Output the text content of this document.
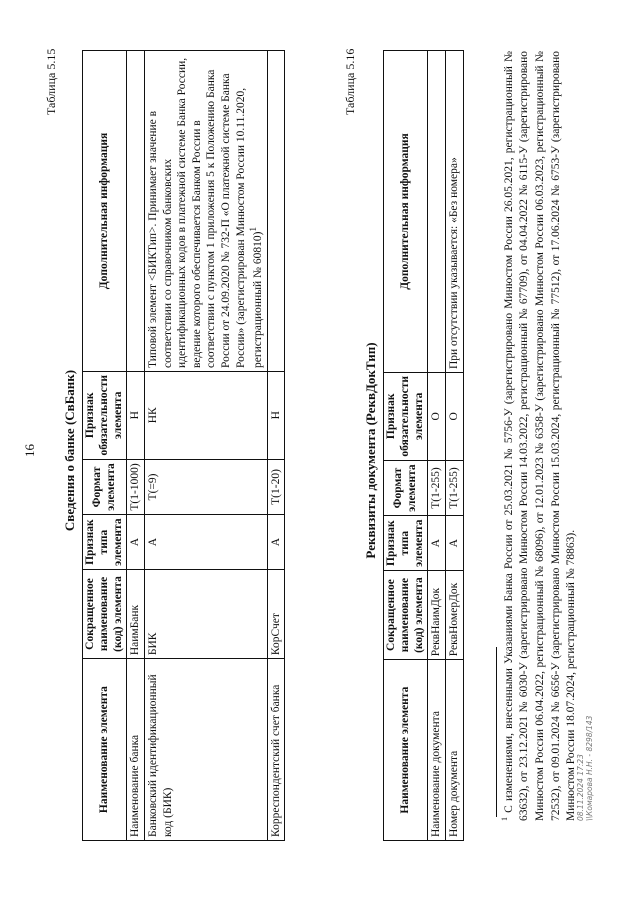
16
Таблица 5.15
Сведения о банке (СвБанк)
Наименование элемента	Сокращенное наименование (код) элемента	Признак типа элемента	Формат элемента	Признак обязательности элемента	Дополнительная информация
Наименование банка	НаимБанк	А	T(1-1000)	Н	
Банковский идентификационный код (БИК)	БИК	А	T(=9)	НК	Типовой элемент <БИКТип>. Принимает значение в соответствии со справочником банковских идентификационных кодов в платежной системе Банка России, ведение которого обеспечивается Банком России в соответствии с пунктом 1 приложения 5 к Положению Банка России от 24.09.2020 № 732-П «О платежной системе Банка России» (зарегистрирован Минюстом России 10.11.2020, регистрационный № 60810)$^1$
Корреспондентский счет банка	КорСчет	А	T(1-20)	Н	
Таблица 5.16
Реквизиты документа (РеквДокТип)
Наименование элемента	Сокращенное наименование (код) элемента	Признак типа элемента	Формат элемента	Признак обязательности элемента	Дополнительная информация
Наименование документа	РеквНаимДок	А	T(1-255)	О	
Номер документа	РеквНомерДок	А	T(1-255)	О	При отсутствии указывается: «Без номера»
$^1$ С изменениями, внесенными Указаниями Банка России от 25.03.2021 № 5756-У (зарегистрировано Минюстом России 26.05.2021, регистрационный № 63632), от 23.12.2021 № 6030-У (зарегистрировано Минюстом России 14.03.2022, регистрационный № 67709), от 04.04.2022 № 6115-У (зарегистрировано Минюстом России 06.04.2022, регистрационный № 68096), от 12.01.2023 № 6358-У (зарегистрировано Минюстом России 06.03.2023, регистрационный № 72532), от 09.01.2024 № 6656-У (зарегистрировано Минюстом России 15.03.2024, регистрационный № 77512), от 17.06.2024 № 6753-У (зарегистрировано Минюстом России 18.07.2024, регистрационный № 78863).
08.11.2024 17:23 \\Комарова Н.Н. - 8298/143
